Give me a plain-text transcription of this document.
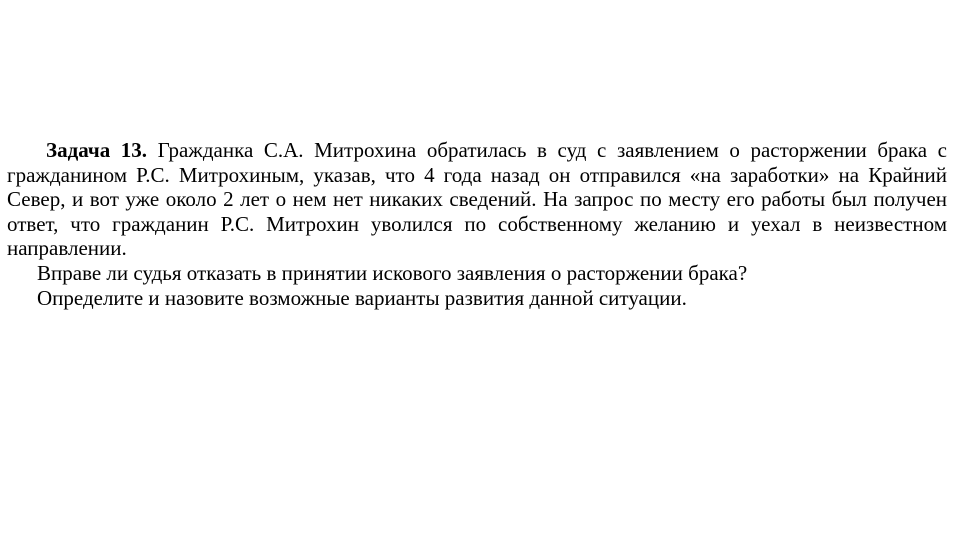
Задача 13. Гражданка С.А. Митрохина обратилась в суд с заявлением о расторжении брака с гражданином Р.С. Митрохиным, указав, что 4 года назад он отправился «на заработки» на Крайний Север, и вот уже около 2 лет о нем нет никаких сведений. На запрос по месту его работы был получен ответ, что гражданин Р.С. Митрохин уволился по собственному желанию и уехал в неизвестном направлении.

Вправе ли судья отказать в принятии искового заявления о расторжении брака?

Определите и назовите возможные варианты развития данной ситуации.
